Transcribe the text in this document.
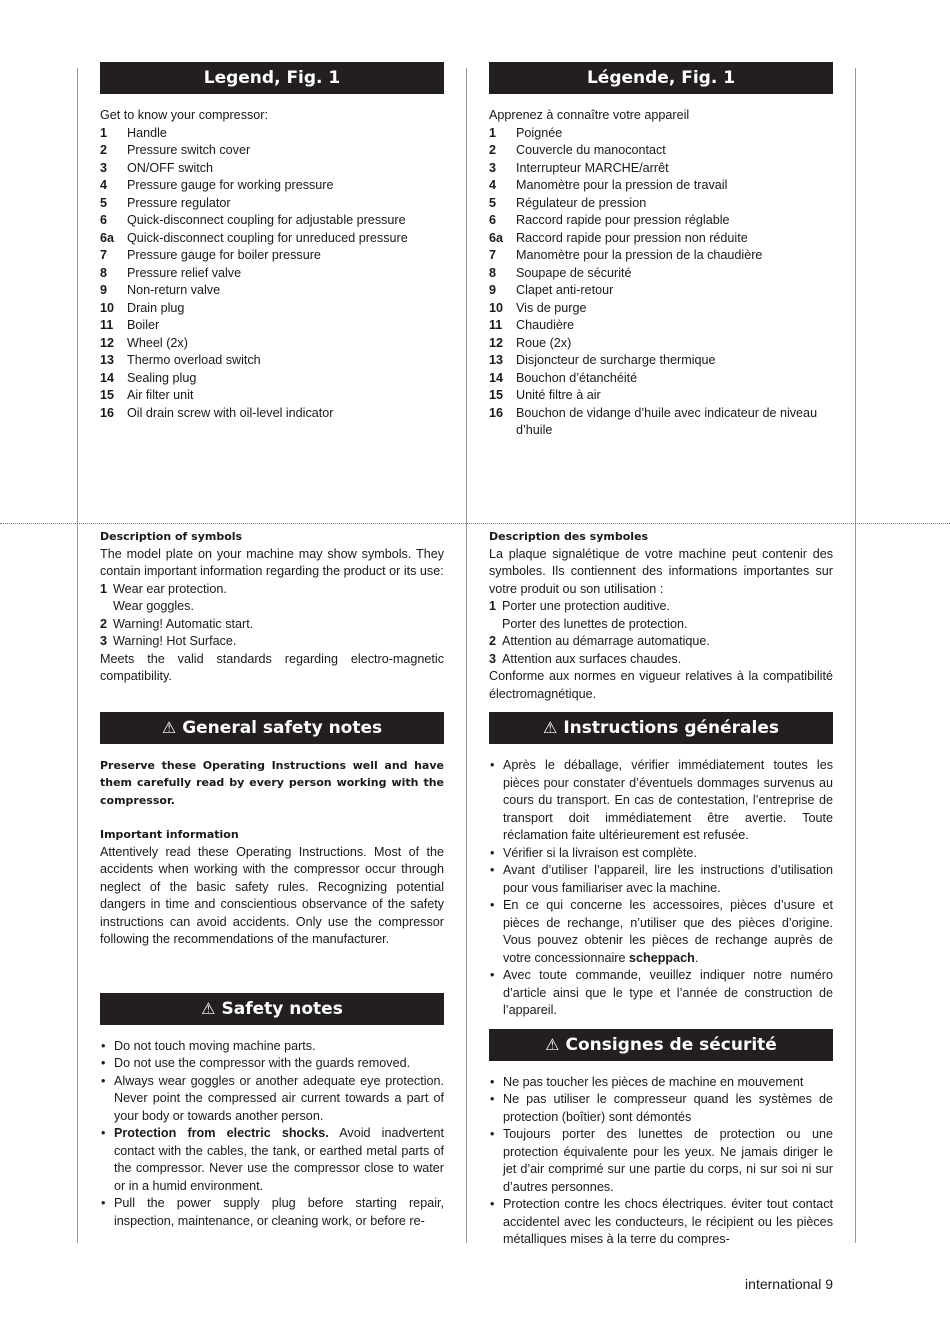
Legend, Fig. 1

Get to know your compressor:

1 Handle
2 Pressure switch cover
3 ON/OFF switch
4 Pressure gauge for working pressure
5 Pressure regulator
6 Quick-disconnect coupling for adjustable pressure
6a Quick-disconnect coupling for unreduced pressure
7 Pressure gauge for boiler pressure
8 Pressure relief valve
9 Non-return valve
10 Drain plug
11 Boiler
12 Wheel (2x)
13 Thermo overload switch
14 Sealing plug
15 Air filter unit
16 Oil drain screw with oil-level indicator
Légende, Fig. 1

Apprenez à connaître votre appareil

1 Poignée
2 Couvercle du manocontact
3 Interrupteur MARCHE/arrêt
4 Manomètre pour la pression de travail
5 Régulateur de pression
6 Raccord rapide pour pression réglable
6a Raccord rapide pour pression non réduite
7 Manomètre pour la pression de la chaudière
8 Soupape de sécurité
9 Clapet anti-retour
10 Vis de purge
11 Chaudière
12 Roue (2x)
13 Disjoncteur de surcharge thermique
14 Bouchon d’étanchéité
15 Unité filtre à air
16 Bouchon de vidange d’huile avec indicateur de niveau d’huile

Description of symbols

The model plate on your machine may show symbols. They contain important information regarding the product or its use:

1 Wear ear protection.
Wear goggles.
2 Warning! Automatic start.
3 Warning! Hot Surface.

Meets the valid standards regarding electro-magnetic compatibility.

⚠ General safety notes

Preserve these Operating Instructions well and have them carefully read by every person working with the compressor.

Important information

Attentively read these Operating Instructions. Most of the accidents when working with the compressor occur through neglect of the basic safety rules. Recognizing potential dangers in time and conscientious observance of the safety instructions can avoid accidents. Only use the compressor following the recommendations of the manufacturer.

⚠ Safety notes
• Do not touch moving machine parts.
• Do not use the compressor with the guards removed.
• Always wear goggles or another adequate eye protection. Never point the compressed air current towards a part of your body or towards another person.
• Protection from electric shocks. Avoid inadvertent contact with the cables, the tank, or earthed metal parts of the compressor. Never use the compressor close to water or in a humid environment.
• Pull the power supply plug before starting repair, inspection, maintenance, or cleaning work, or before re-

Description des symboles

La plaque signalétique de votre machine peut contenir des symboles. Ils contiennent des informations importantes sur votre produit ou son utilisation :

1 Porter une protection auditive.
Porter des lunettes de protection.
2 Attention au démarrage automatique.
3 Attention aux surfaces chaudes.

Conforme aux normes en vigueur relatives à la compatibilité électromagnétique.

⚠ Instructions générales
• Après le déballage, vérifier immédiatement toutes les pièces pour constater d’éventuels dommages survenus au cours du transport. En cas de contestation, l’entreprise de transport doit immédiatement être avertie. Toute réclamation faite ultérieurement est refusée.
• Vérifier si la livraison est complète.
• Avant d’utiliser l’appareil, lire les instructions d’utilisation pour vous familiariser avec la machine.
• En ce qui concerne les accessoires, pièces d’usure et pièces de rechange, n’utiliser que des pièces d’origine. Vous pouvez obtenir les pièces de rechange auprès de votre concessionnaire scheppach.
• Avec toute commande, veuillez indiquer notre numéro d’article ainsi que le type et l’année de construction de l’appareil.
⚠ Consignes de sécurité
• Ne pas toucher les pièces de machine en mouvement
• Ne pas utiliser le compresseur quand les systèmes de protection (boîtier) sont démontés
• Toujours porter des lunettes de protection ou une protection équivalente pour les yeux. Ne jamais diriger le jet d’air comprimé sur une partie du corps, ni sur soi ni sur d’autres personnes.
• Protection contre les chocs électriques. éviter tout contact accidentel avec les conducteurs, le récipient ou les pièces métalliques mises à la terre du compres-
international 9
